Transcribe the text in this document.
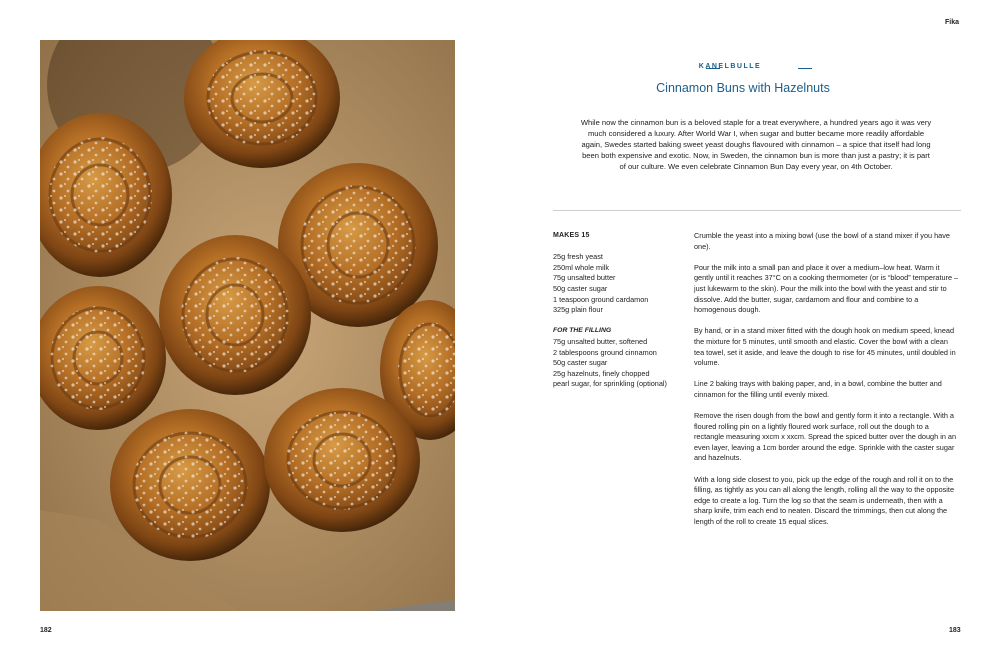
Fika
182	183
KANELBULLE
Cinnamon Buns with Hazelnuts
While now the cinnamon bun is a beloved staple for a treat everywhere, a hundred years ago it was very much considered a luxury. After World War I, when sugar and butter became more readily affordable again, Swedes started baking sweet yeast doughs flavoured with cinnamon – a spice that itself had long been both expensive and exotic. Now, in Sweden, the cinnamon bun is more than just a pastry; it is part of our culture. We even celebrate Cinnamon Bun Day every year, on 4th October.
MAKES 15
25g fresh yeast
250ml whole milk
75g unsalted butter
50g caster sugar
1 teaspoon ground cardamon
325g plain flour
FOR THE FILLING
75g unsalted butter, softened
2 tablespoons ground cinnamon
50g caster sugar
25g hazelnuts, finely chopped
pearl sugar, for sprinkling (optional)

Crumble the yeast into a mixing bowl (use the bowl of a stand mixer if you have one).

Pour the milk into a small pan and place it over a medium–low heat. Warm it gently until it reaches 37°C on a cooking thermometer (or is “blood” temperature – just lukewarm to the skin). Pour the milk into the bowl with the yeast and stir to dissolve. Add the butter, sugar, cardamom and flour and combine to a homogenous dough.

By hand, or in a stand mixer fitted with the dough hook on medium speed, knead the mixture for 5 minutes, until smooth and elastic. Cover the bowl with a clean tea towel, set it aside, and leave the dough to rise for 45 minutes, until doubled in volume.

Line 2 baking trays with baking paper, and, in a bowl, combine the butter and cinnamon for the filling until evenly mixed.

Remove the risen dough from the bowl and gently form it into a rectangle. With a floured rolling pin on a lightly floured work surface, roll out the dough to a rectangle measuring xxcm x xxcm. Spread the spiced butter over the dough in an even layer, leaving a 1cm border around the edge. Sprinkle with the caster sugar and hazelnuts.

With a long side closest to you, pick up the edge of the rough and roll it on to the filling, as tightly as you can all along the length, rolling all the way to the opposite edge to create a log. Turn the log so that the seam is underneath, then with a sharp knife, trim each end to neaten. Discard the trimmings, then cut along the length of the roll to create 15 equal slices.
